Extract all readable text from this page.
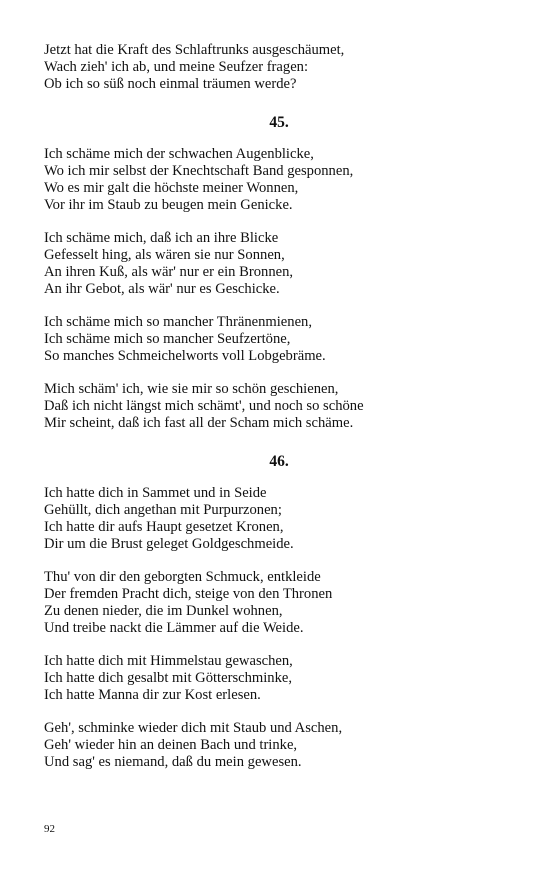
Jetzt hat die Kraft des Schlaftrunks ausgeschäumet,
Wach zieh' ich ab, und meine Seufzer fragen:
Ob ich so süß noch einmal träumen werde?
45.
Ich schäme mich der schwachen Augenblicke,
Wo ich mir selbst der Knechtschaft Band gesponnen,
Wo es mir galt die höchste meiner Wonnen,
Vor ihr im Staub zu beugen mein Genicke.
Ich schäme mich, daß ich an ihre Blicke
Gefesselt hing, als wären sie nur Sonnen,
An ihren Kuß, als wär' nur er ein Bronnen,
An ihr Gebot, als wär' nur es Geschicke.
Ich schäme mich so mancher Thränenmienen,
Ich schäme mich so mancher Seufzertöne,
So manches Schmeichelworts voll Lobgebräme.
Mich schäm' ich, wie sie mir so schön geschienen,
Daß ich nicht längst mich schämt', und noch so schöne
Mir scheint, daß ich fast all der Scham mich schäme.
46.
Ich hatte dich in Sammet und in Seide
Gehüllt, dich angethan mit Purpurzonen;
Ich hatte dir aufs Haupt gesetzet Kronen,
Dir um die Brust geleget Goldgeschmeide.
Thu' von dir den geborgten Schmuck, entkleide
Der fremden Pracht dich, steige von den Thronen
Zu denen nieder, die im Dunkel wohnen,
Und treibe nackt die Lämmer auf die Weide.
Ich hatte dich mit Himmelstau gewaschen,
Ich hatte dich gesalbt mit Götterschminke,
Ich hatte Manna dir zur Kost erlesen.
Geh', schminke wieder dich mit Staub und Aschen,
Geh' wieder hin an deinen Bach und trinke,
Und sag' es niemand, daß du mein gewesen.
92
